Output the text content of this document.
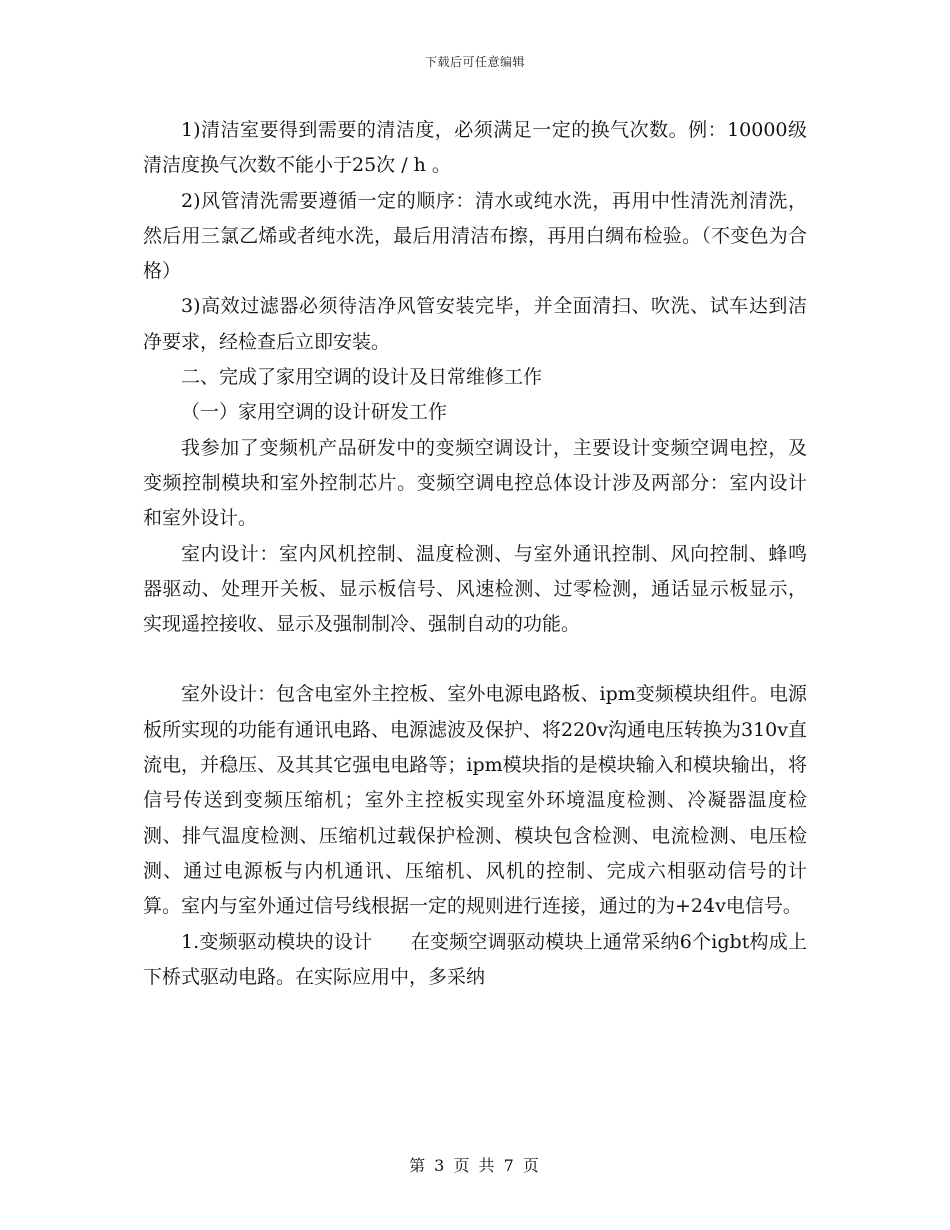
下载后可任意编辑

1)清洁室要得到需要的清洁度，必须满足一定的换气次数。例：10000级清洁度换气次数不能小于25次 / h 。

2)风管清洗需要遵循一定的顺序：清水或纯水洗，再用中性清洗剂清洗，然后用三氯乙烯或者纯水洗，最后用清洁布擦，再用白绸布检验。（不变色为合格）

3)高效过滤器必须待洁净风管安装完毕，并全面清扫、吹洗、试车达到洁净要求，经检查后立即安装。

二、完成了家用空调的设计及日常维修工作

（一）家用空调的设计研发工作

我参加了变频机产品研发中的变频空调设计，主要设计变频空调电控，及变频控制模块和室外控制芯片。变频空调电控总体设计涉及两部分：室内设计和室外设计。

室内设计：室内风机控制、温度检测、与室外通讯控制、风向控制、蜂鸣器驱动、处理开关板、显示板信号、风速检测、过零检测，通话显示板显示，实现遥控接收、显示及强制制冷、强制自动的功能。

室外设计：包含电室外主控板、室外电源电路板、ipm变频模块组件。电源板所实现的功能有通讯电路、电源滤波及保护、将220v沟通电压转换为310v直流电，并稳压、及其其它强电电路等；ipm模块指的是模块输入和模块输出，将信号传送到变频压缩机；室外主控板实现室外环境温度检测、冷凝器温度检测、排气温度检测、压缩机过载保护检测、模块包含检测、电流检测、电压检测、通过电源板与内机通讯、压缩机、风机的控制、完成六相驱动信号的计算。室内与室外通过信号线根据一定的规则进行连接，通过的为+24v电信号。

1.变频驱动模块的设计　　在变频空调驱动模块上通常采纳6个igbt构成上下桥式驱动电路。在实际应用中，多采纳

第 3 页 共 7 页
